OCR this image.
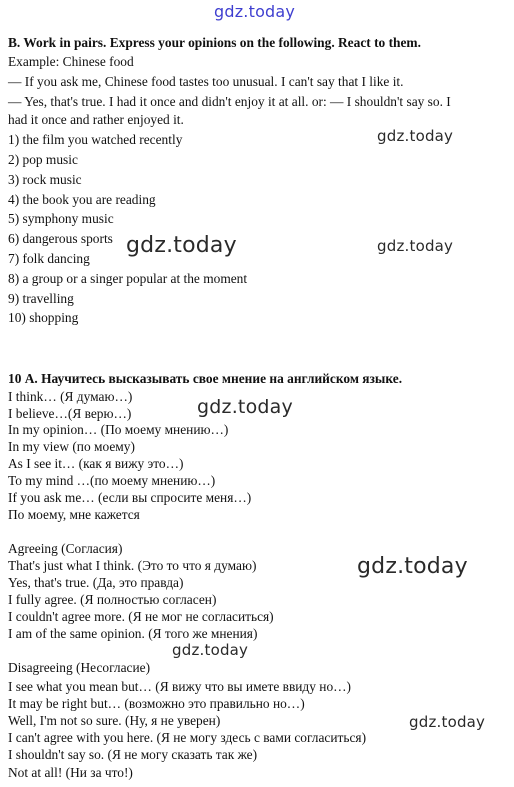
gdz.today
gdz.today
gdz.today	gdz.today
gdz.today
gdz.today
gdz.today
gdz.today
B. Work in pairs. Express your opinions on the following. React to them.
Example: Chinese food
— If you ask me, Chinese food tastes too unusual. I can't say that I like it.
— Yes, that's true. I had it once and didn't enjoy it at all. or: — I shouldn't say so. I
had it once and rather enjoyed it.
1) the film you watched recently
2) pop music
3) rock music
4) the book you are reading
5) symphony music
6) dangerous sports
7) folk dancing
8) a group or a singer popular at the moment
9) travelling
10) shopping
10 А. Научитесь высказывать свое мнение на английском языке.
I think… (Я думаю…)
I believe…(Я верю…)
In my opinion… (По моему мнению…)
In my view (по моему)
As I see it… (как я вижу это…)
To my mind …(по моему мнению…)
If you ask me… (если вы спросите меня…)
По моему, мне кажется
Agreeing (Согласия)
That's just what I think. (Это то что я думаю)
Yes, that's true. (Да, это правда)
I fully agree. (Я полностью согласен)
I couldn't agree more. (Я не мог не согласиться)
I am of the same opinion. (Я того же мнения)
Disagreeing (Несогласие)
I see what you mean but… (Я вижу что вы имете ввиду но…)
It may be right but… (возможно это правильно но…)
Well, I'm not so sure. (Ну, я не уверен)
I can't agree with you here. (Я не могу здесь с вами согласиться)
I shouldn't say so. (Я не могу сказать так же)
Not at all! (Ни за что!)
